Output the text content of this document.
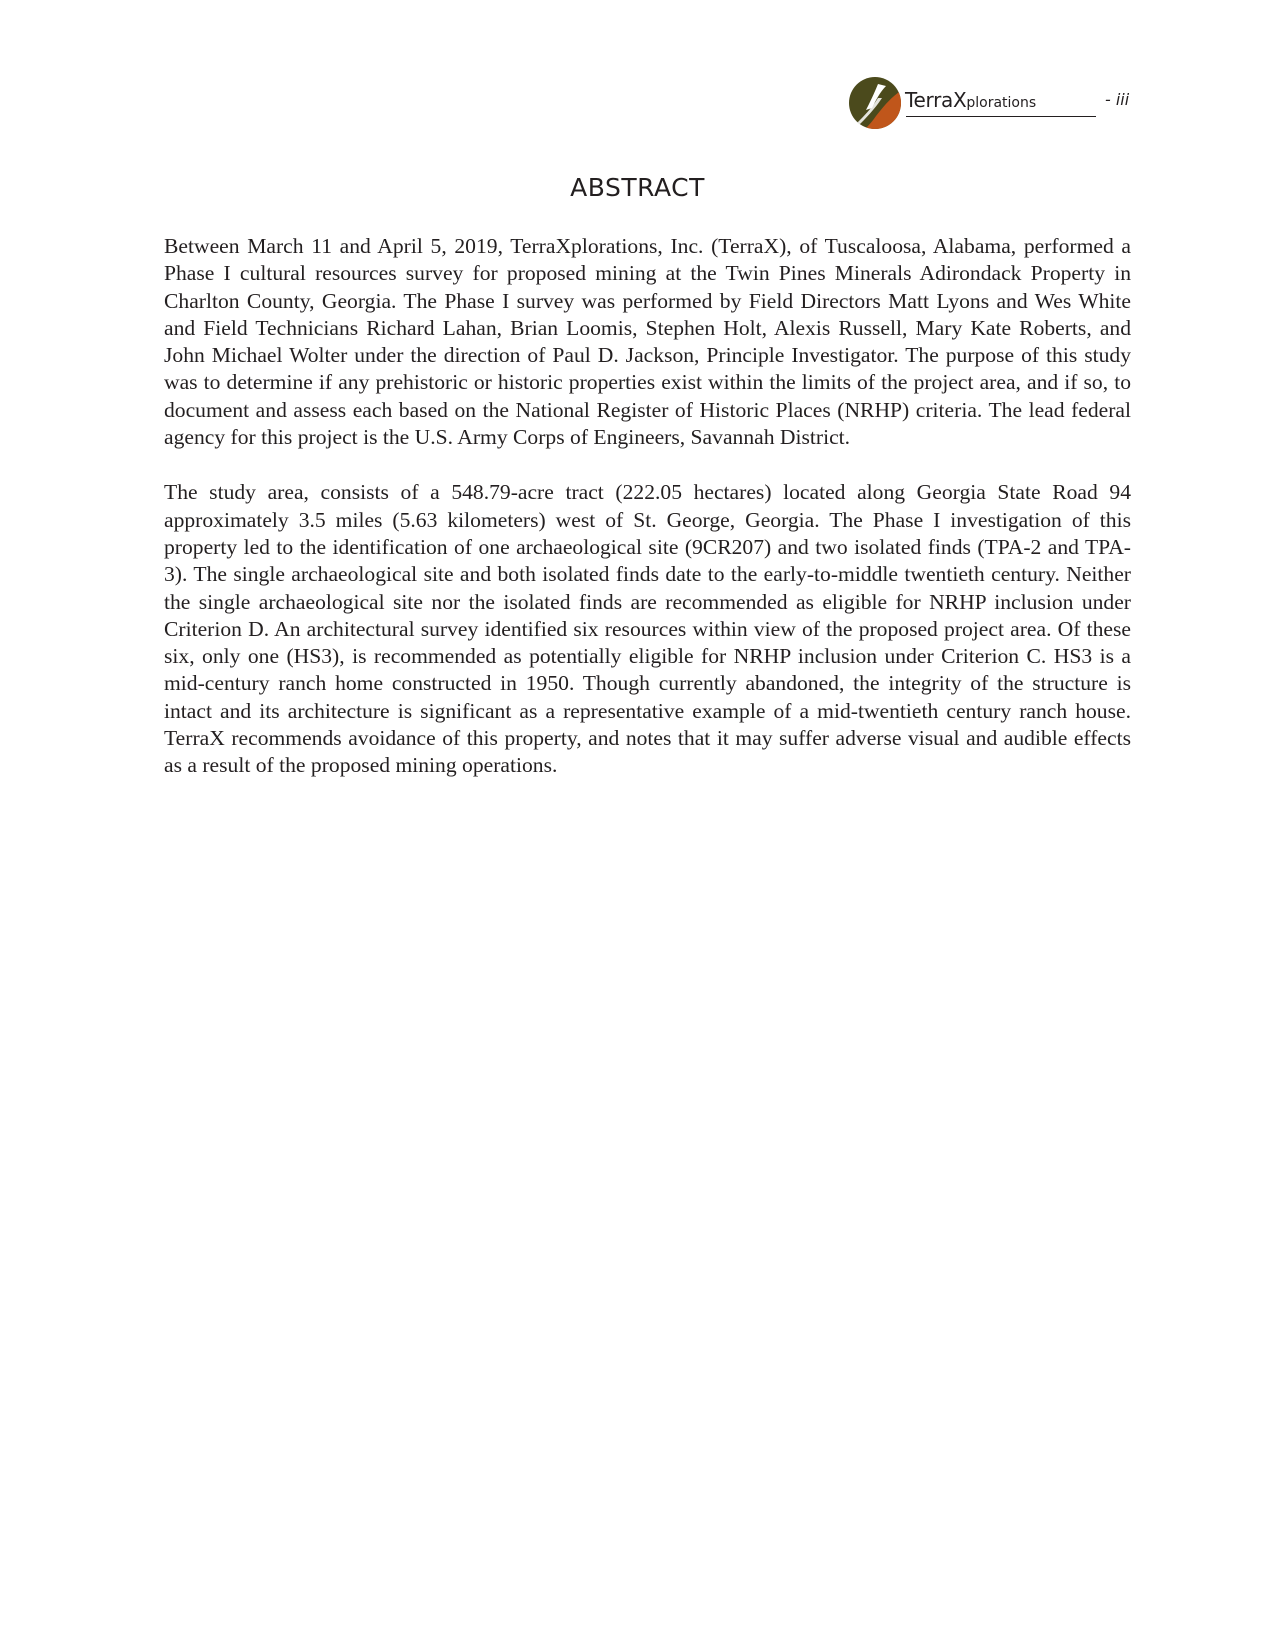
TerraXplorations	- iii
ABSTRACT

Between March 11 and April 5, 2019, TerraXplorations, Inc. (TerraX), of Tuscaloosa, Alabama, performed a Phase I cultural resources survey for proposed mining at the Twin Pines Minerals Adirondack Property in Charlton County, Georgia. The Phase I survey was performed by Field Directors Matt Lyons and Wes White and Field Technicians Richard Lahan, Brian Loomis, Stephen Holt, Alexis Russell, Mary Kate Roberts, and John Michael Wolter under the direction of Paul D. Jackson, Principle Investigator. The purpose of this study was to determine if any prehistoric or historic properties exist within the limits of the project area, and if so, to document and assess each based on the National Register of Historic Places (NRHP) criteria. The lead federal agency for this project is the U.S. Army Corps of Engineers, Savannah District.

The study area, consists of a 548.79-acre tract (222.05 hectares) located along Georgia State Road 94 approximately 3.5 miles (5.63 kilometers) west of St. George, Georgia. The Phase I investigation of this property led to the identification of one archaeological site (9CR207) and two isolated finds (TPA-2 and TPA-3). The single archaeological site and both isolated finds date to the early-to-middle twentieth century. Neither the single archaeological site nor the isolated finds are recommended as eligible for NRHP inclusion under Criterion D. An architectural survey identified six resources within view of the proposed project area. Of these six, only one (HS3), is recommended as potentially eligible for NRHP inclusion under Criterion C. HS3 is a mid-century ranch home constructed in 1950. Though currently abandoned, the integrity of the structure is intact and its architecture is significant as a representative example of a mid-twentieth century ranch house. TerraX recommends avoidance of this property, and notes that it may suffer adverse visual and audible effects as a result of the proposed mining operations.
